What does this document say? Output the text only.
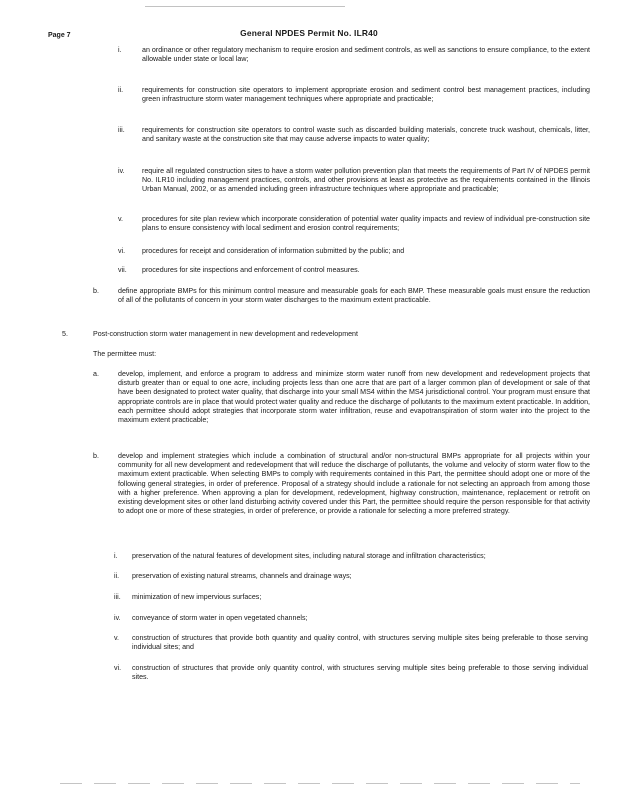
Page 7	General NPDES Permit No. ILR40
i.	an ordinance or other regulatory mechanism to require erosion and sediment controls, as well as sanctions to ensure compliance, to the extent allowable under state or local law;

ii.	requirements for construction site operators to implement appropriate erosion and sediment control best management practices, including green infrastructure storm water management techniques where appropriate and practicable;

iii. requirements for construction site operators to control waste such as discarded building materials, concrete truck washout, chemicals, litter, and sanitary waste at the construction site that may cause adverse impacts to water quality;

iv. require all regulated construction sites to have a storm water pollution prevention plan that meets the requirements of Part IV of NPDES permit No. ILR10 including management practices, controls, and other provisions at least as protective as the requirements contained in the Illinois Urban Manual, 2002, or as amended including green infrastructure techniques where appropriate and practicable;

v.	procedures for site plan review which incorporate consideration of potential water quality impacts and review of individual pre-construction site plans to ensure consistency with local sediment and erosion control requirements;

vi. procedures for receipt and consideration of information submitted by the public; and

vii. procedures for site inspections and enforcement of control measures.

b.	define appropriate BMPs for this minimum control measure and measurable goals for each BMP. These measurable goals must ensure the reduction of all of the pollutants of concern in your storm water discharges to the maximum extent practicable.

5.	Post-construction storm water management in new development and redevelopment
The permittee must:
a.	develop, implement, and enforce a program to address and minimize storm water runoff from new development and redevelopment projects that disturb greater than or equal to one acre, including projects less than one acre that are part of a larger common plan of development or sale of that have been designated to protect water quality, that discharge into your small MS4 within the MS4 jurisdictional control. Your program must ensure that appropriate controls are in place that would protect water quality and reduce the discharge of pollutants to the maximum extent practicable. In addition, each permittee should adopt strategies that incorporate storm water infiltration, reuse and evapotranspiration of storm water into the project to the maximum extent practicable;

b.	develop and implement strategies which include a combination of structural and/or non-structural BMPs appropriate for all projects within your community for all new development and redevelopment that will reduce the discharge of pollutants, the volume and velocity of storm water flow to the maximum extent practicable. When selecting BMPs to comply with requirements contained in this Part, the permittee should adopt one or more of the following general strategies, in order of preference. Proposal of a strategy should include a rationale for not selecting an approach from among those with a higher preference. When approving a plan for development, redevelopment, highway construction, maintenance, replacement or retrofit on existing development sites or other land disturbing activity covered under this Part, the permittee should require the person responsible for that activity to adopt one or more of these strategies, in order of preference, or provide a rationale for selecting a more preferred strategy.

i. preservation of the natural features of development sites, including natural storage and infiltration characteristics;

ii. preservation of existing natural streams, channels and drainage ways;

iii. minimization of new impervious surfaces;

iv. conveyance of storm water in open vegetated channels;

v. construction of structures that provide both quantity and quality control, with structures serving multiple sites being preferable to those serving individual sites; and

vi. construction of structures that provide only quantity control, with structures serving multiple sites being preferable to those serving individual sites.
